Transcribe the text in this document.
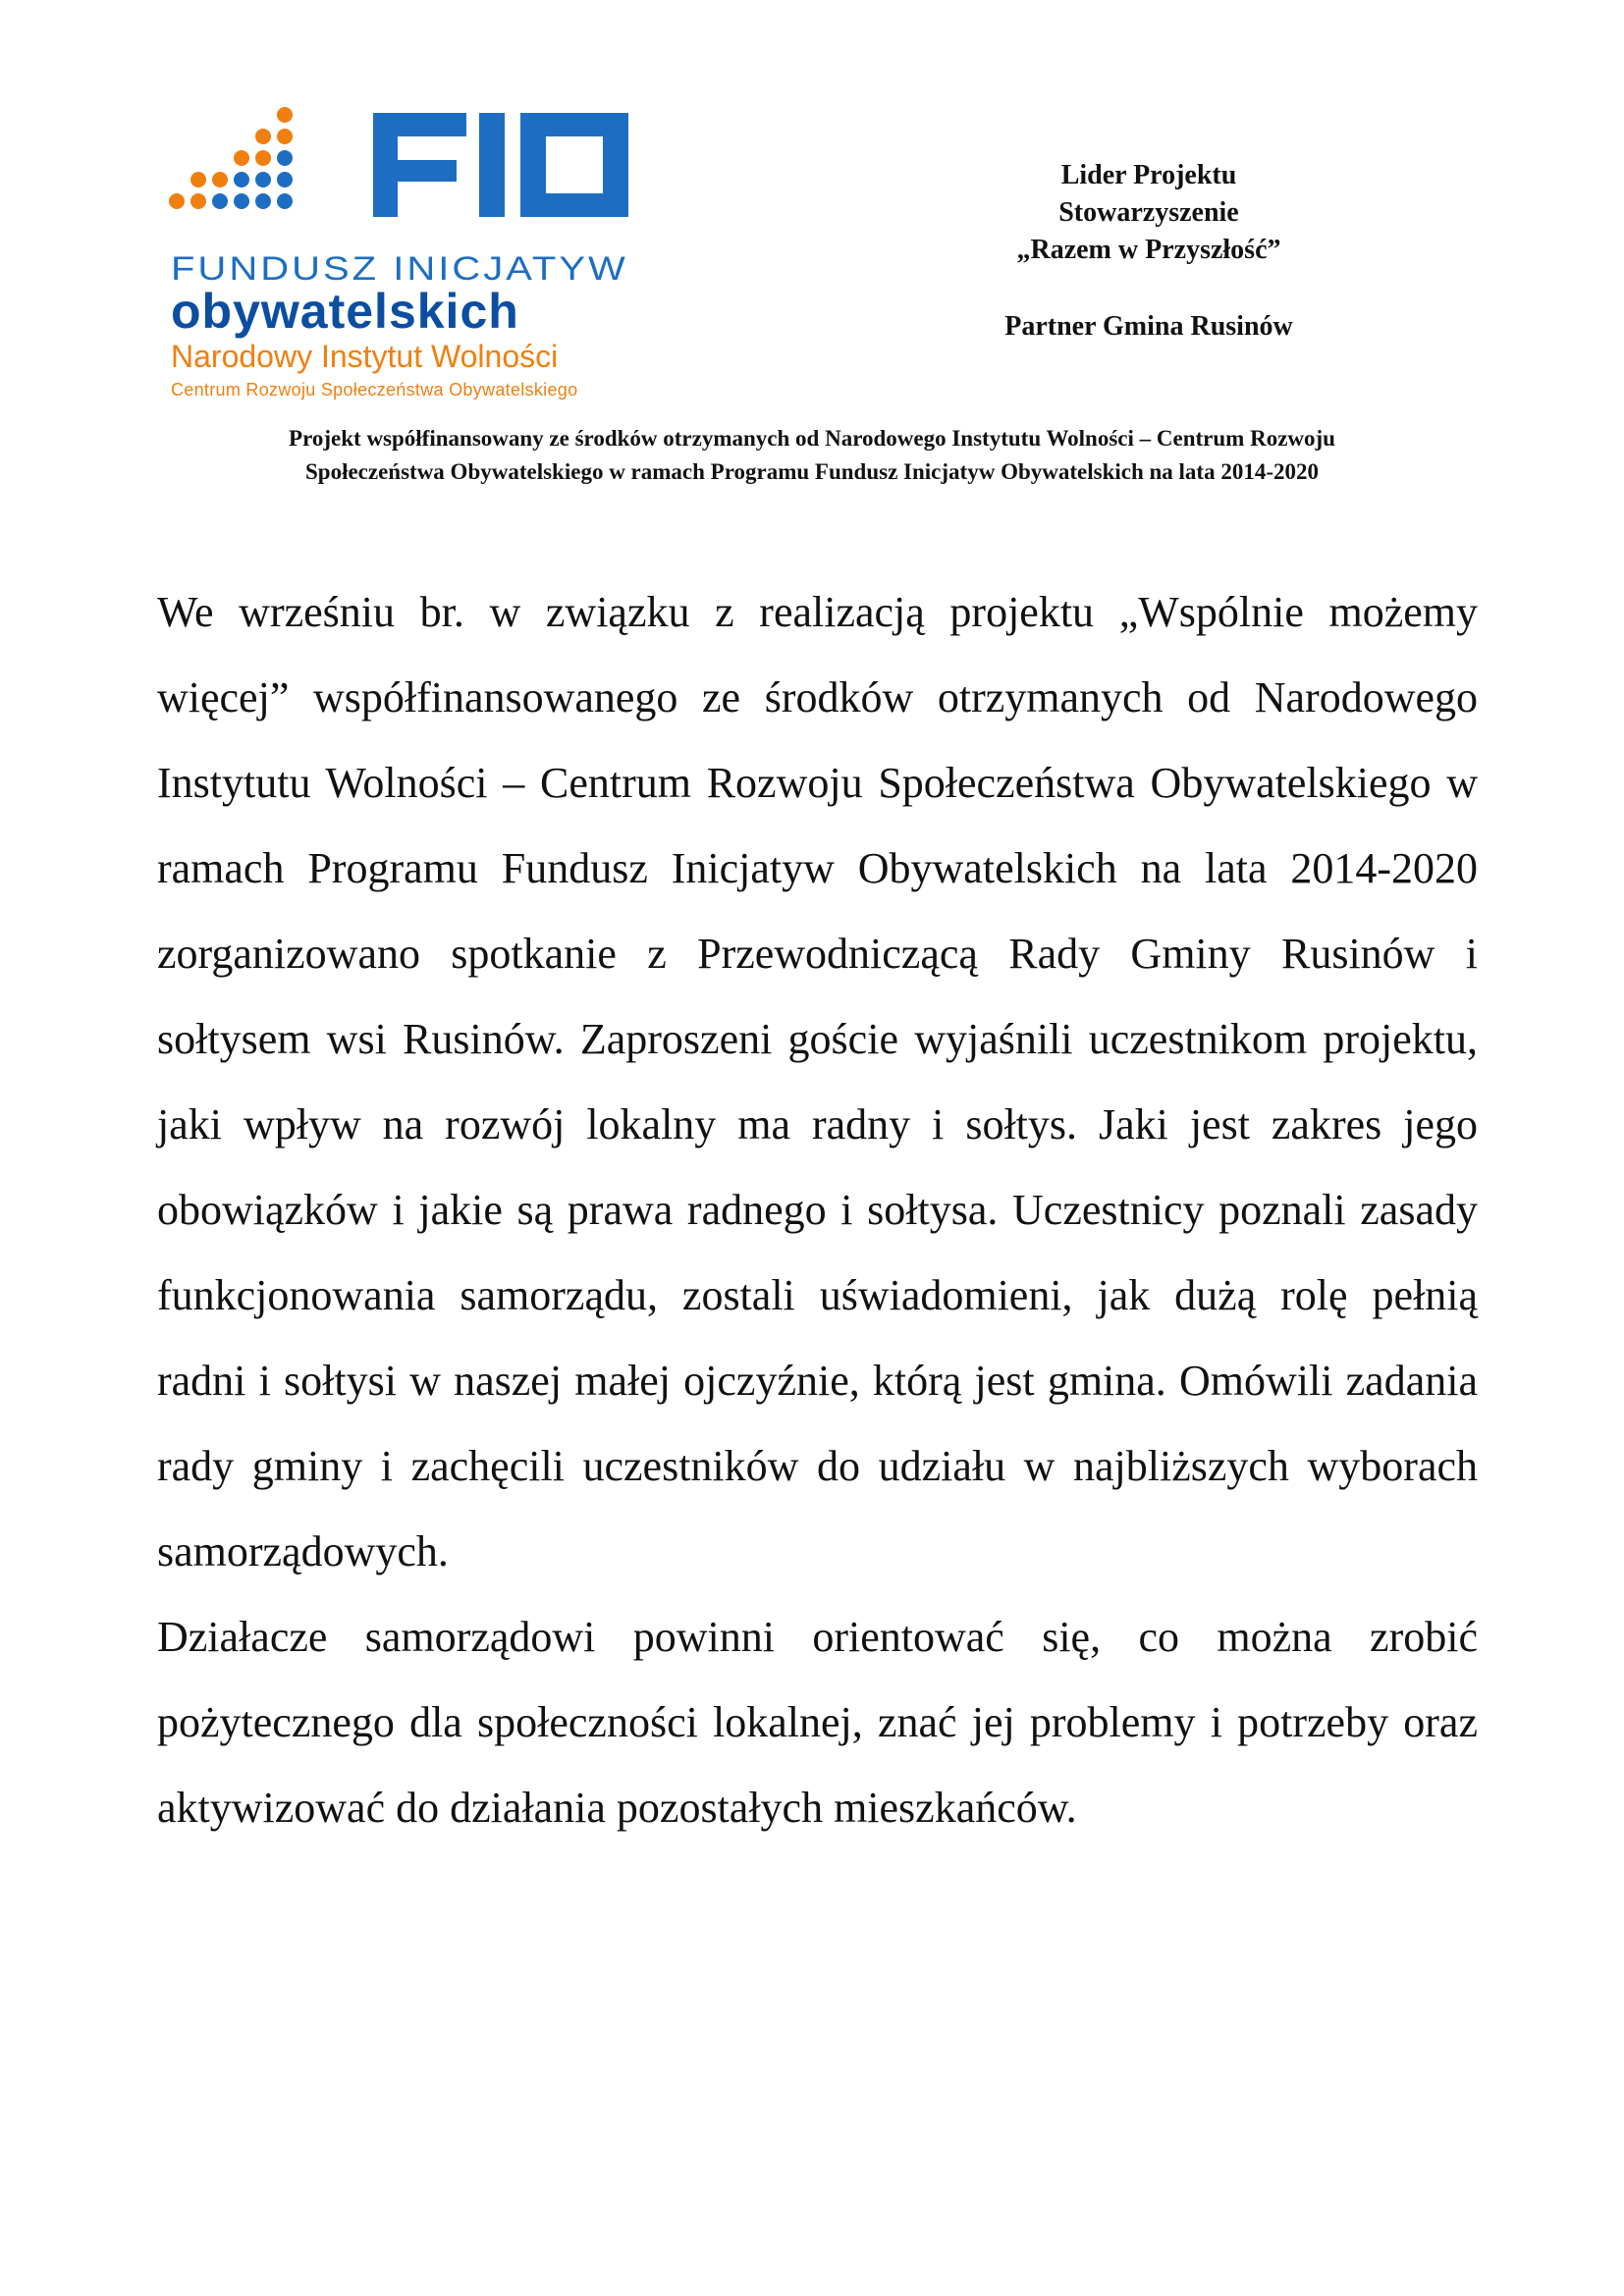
FUNDUSZ INICJATYW
obywatelskich
Narodowy Instytut Wolności
Centrum Rozwoju Społeczeństwa Obywatelskiego
Lider Projektu
Stowarzyszenie
„Razem w Przyszłość”
Partner Gmina Rusinów
Projekt współfinansowany ze środków otrzymanych od Narodowego Instytutu Wolności – Centrum Rozwoju
Społeczeństwa Obywatelskiego w ramach Programu Fundusz Inicjatyw Obywatelskich na lata 2014-2020

We wrześniu br. w związku z realizacją projektu „Wspólnie możemy więcej” współfinansowanego ze środków otrzymanych od Narodowego Instytutu Wolności – Centrum Rozwoju Społeczeństwa Obywatelskiego w ramach Programu Fundusz Inicjatyw Obywatelskich na lata 2014-2020 zorganizowano spotkanie z Przewodniczącą Rady Gminy Rusinów i sołtysem wsi Rusinów. Zaproszeni goście wyjaśnili uczestnikom projektu, jaki wpływ na rozwój lokalny ma radny i sołtys. Jaki jest zakres jego obowiązków i jakie są prawa radnego i sołtysa. Uczestnicy poznali zasady funkcjonowania samorządu, zostali uświadomieni, jak dużą rolę pełnią radni i sołtysi w naszej małej ojczyźnie, którą jest gmina. Omówili zadania rady gminy i zachęcili uczestników do udziału w najbliższych wyborach samorządowych.

Działacze samorządowi powinni orientować się, co można zrobić pożytecznego dla społeczności lokalnej, znać jej problemy i potrzeby oraz aktywizować do działania pozostałych mieszkańców.
